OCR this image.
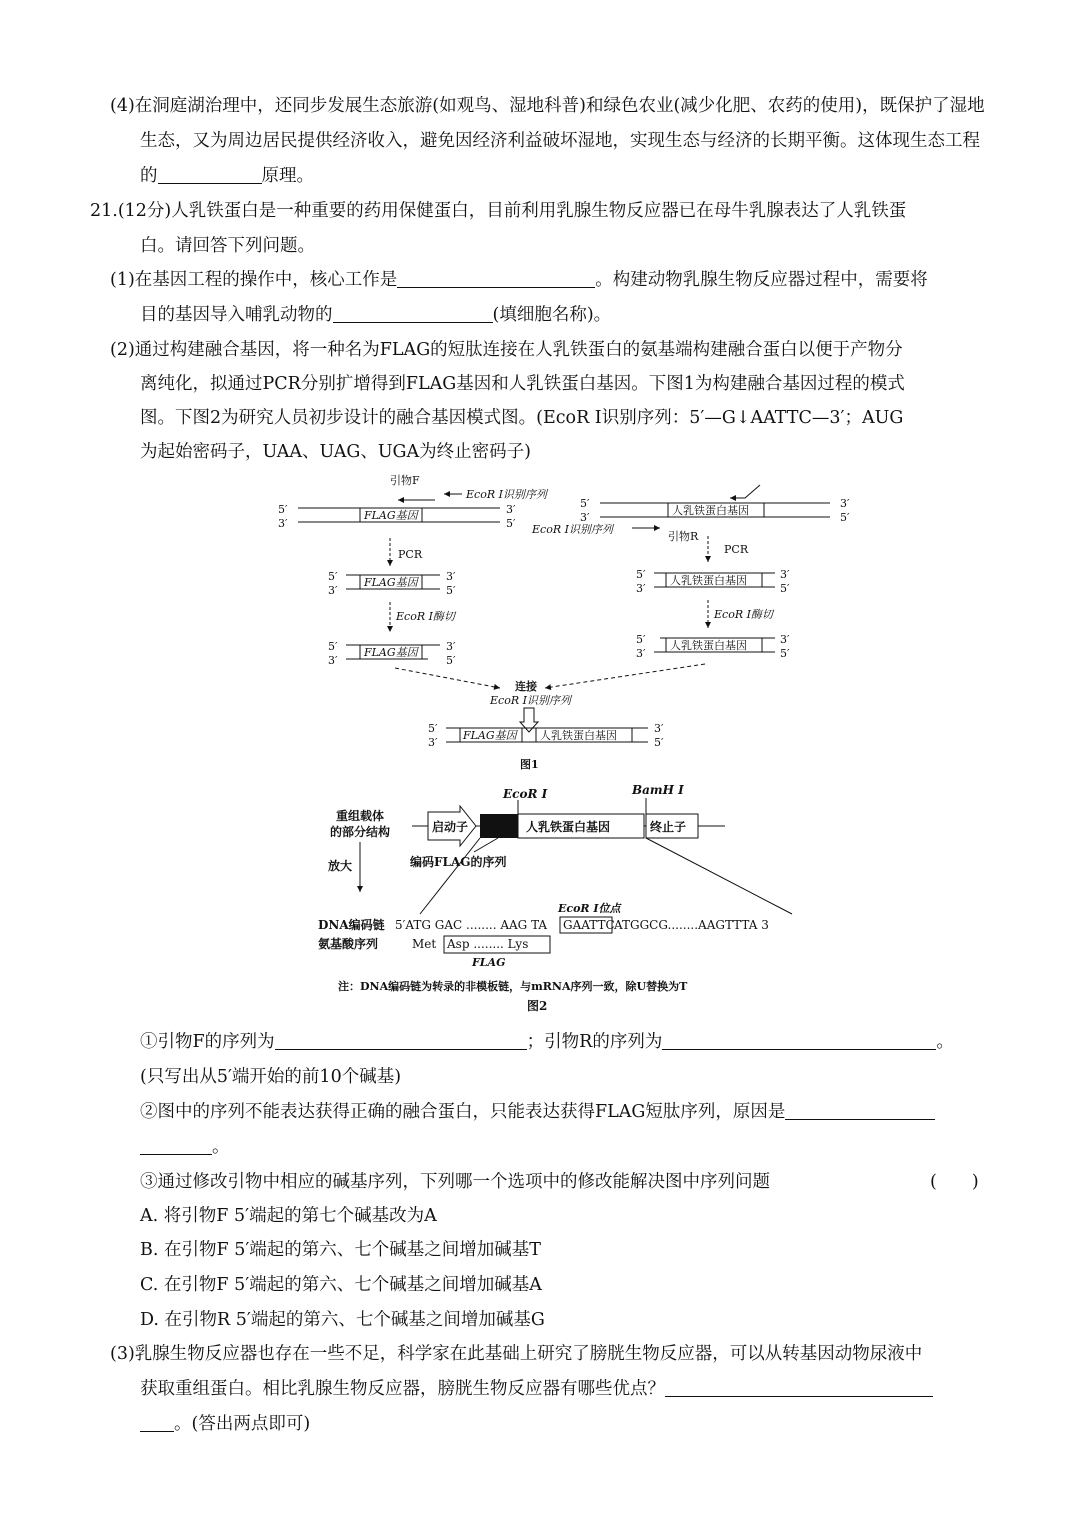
(4)在洞庭湖治理中，还同步发展生态旅游(如观鸟、湿地科普)和绿色农业(减少化肥、农药的使用)，既保护了湿地
生态，又为周边居民提供经济收入，避免因经济利益破坏湿地，实现生态与经济的长期平衡。这体现生态工程
的	原理。
21.(12分)人乳铁蛋白是一种重要的药用保健蛋白，目前利用乳腺生物反应器已在母牛乳腺表达了人乳铁蛋
白。请回答下列问题。
(1)在基因工程的操作中，核心工作是	。构建动物乳腺生物反应器过程中，需要将
目的基因导入哺乳动物的	(填细胞名称)。
(2)通过构建融合基因，将一种名为FLAG的短肽连接在人乳铁蛋白的氨基端构建融合蛋白以便于产物分
离纯化，拟通过PCR分别扩增得到FLAG基因和人乳铁蛋白基因。下图1为构建融合基因过程的模式
图。下图2为研究人员初步设计的融合基因模式图。(EcoR Ⅰ识别序列：5′—G↓AATTC—3′；AUG
为起始密码子，UAA、UAG、UGA为终止密码子)
5′
3′
FLAG基因	3′
5′
引物F
EcoR Ⅰ识别序列
5′
3′
人乳铁蛋白基因
3′
5′
EcoR Ⅰ识别序列
引物R
PCR	PCR
5′
3′
FLAG基因	3′
5′
5′
3′
人乳铁蛋白基因	3′
5′
EcoR Ⅰ酶切	EcoR Ⅰ酶切
5′
3′
FLAG基因	3′
5′
5′
3′
人乳铁蛋白基因	3′
5′
连接
EcoR Ⅰ识别序列
5′
3′
FLAG基因 人乳铁蛋白基因
3′
5′
图1
重组载体
的部分结构	启动子	人乳铁蛋白基因	终止子
EcoR Ⅰ	BamH Ⅰ
编码FLAG的序列
放大
EcoR Ⅰ位点
DNA编码链 5′ATG GAC ........ AAG TA GAATTC ATGGCG........AAGTTTA 3
氨基酸序列	Met Asp ........ Lys
FLAG
注：DNA编码链为转录的非模板链，与mRNA序列一致，除U替换为T
图2
①引物F的序列为	；引物R的序列为	。
(只写出从5′端开始的前10个碱基)
②图中的序列不能表达获得正确的融合蛋白，只能表达获得FLAG短肽序列，原因是
。
③通过修改引物中相应的碱基序列，下列哪一个选项中的修改能解决图中序列问题	(　　)
A. 将引物F 5′端起的第七个碱基改为A
B. 在引物F 5′端起的第六、七个碱基之间增加碱基T
C. 在引物F 5′端起的第六、七个碱基之间增加碱基A
D. 在引物R 5′端起的第六、七个碱基之间增加碱基G
(3)乳腺生物反应器也存在一些不足，科学家在此基础上研究了膀胱生物反应器，可以从转基因动物尿液中
获取重组蛋白。相比乳腺生物反应器，膀胱生物反应器有哪些优点？
。(答出两点即可)
